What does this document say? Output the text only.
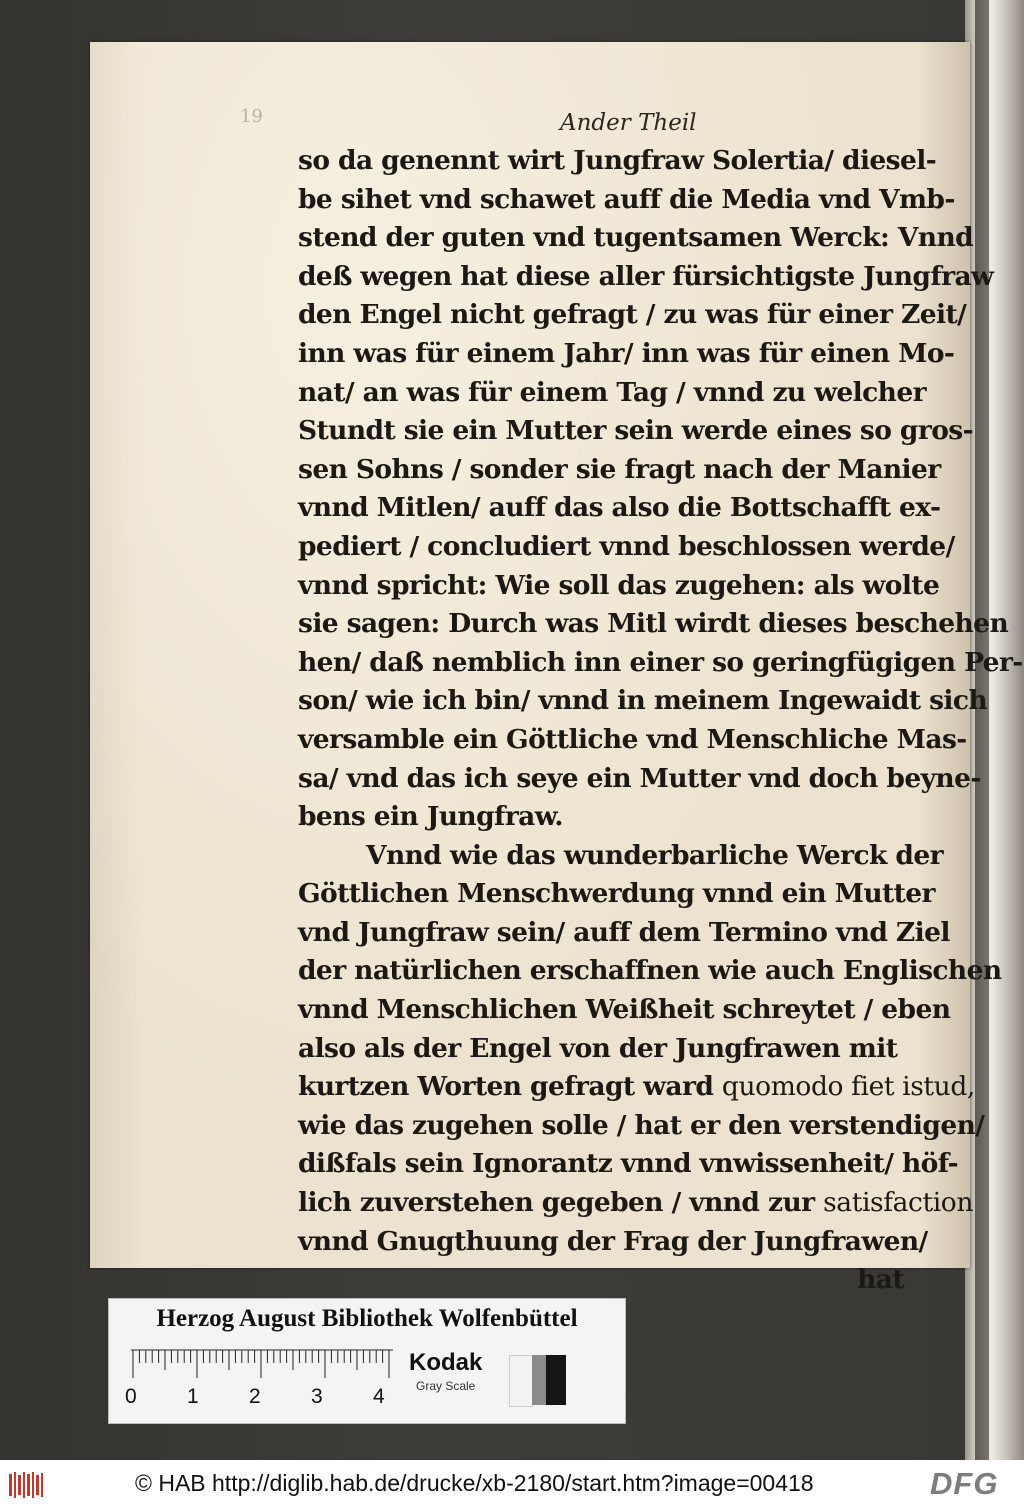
19	Ander Theil
so da genennt wirt Jungfraw Solertia/ diesel-
be sihet vnd schawet auff die Media vnd Vmb-
stend der guten vnd tugentsamen Werck: Vnnd
deß wegen hat diese aller fürsichtigste Jungfraw
den Engel nicht gefragt / zu was für einer Zeit/
inn was für einem Jahr/ inn was für einen Mo-
nat/ an was für einem Tag / vnnd zu welcher
Stundt sie ein Mutter sein werde eines so gros-
sen Sohns / sonder sie fragt nach der Manier
vnnd Mitlen/ auff das also die Bottschafft ex-
pediert / concludiert vnnd beschlossen werde/
vnnd spricht: Wie soll das zugehen: als wolte
sie sagen: Durch was Mitl wirdt dieses beschehen
hen/ daß nemblich inn einer so geringfügigen Per-
son/ wie ich bin/ vnnd in meinem Ingewaidt sich
versamble ein Göttliche vnd Menschliche Mas-
sa/ vnd das ich seye ein Mutter vnd doch beyne-
bens ein Jungfraw.
Vnnd wie das wunderbarliche Werck der
Göttlichen Menschwerdung vnnd ein Mutter
vnd Jungfraw sein/ auff dem Termino vnd Ziel
der natürlichen erschaffnen wie auch Englischen
vnnd Menschlichen Weißheit schreytet / eben
also als der Engel von der Jungfrawen mit
kurtzen Worten gefragt ward quomodo fiet istud,
wie das zugehen solle / hat er den verstendigen/
dißfals sein Ignorantz vnnd vnwissenheit/ höf-
lich zuverstehen gegeben / vnnd zur satisfaction
vnnd Gnugthuung der Frag der Jungfrawen/
hat
Herzog August Bibliothek Wolfenbüttel
0 1 2 3 4
Kodak
Gray Scale
© HAB http://diglib.hab.de/drucke/xb-2180/start.htm?image=00418	DFG
